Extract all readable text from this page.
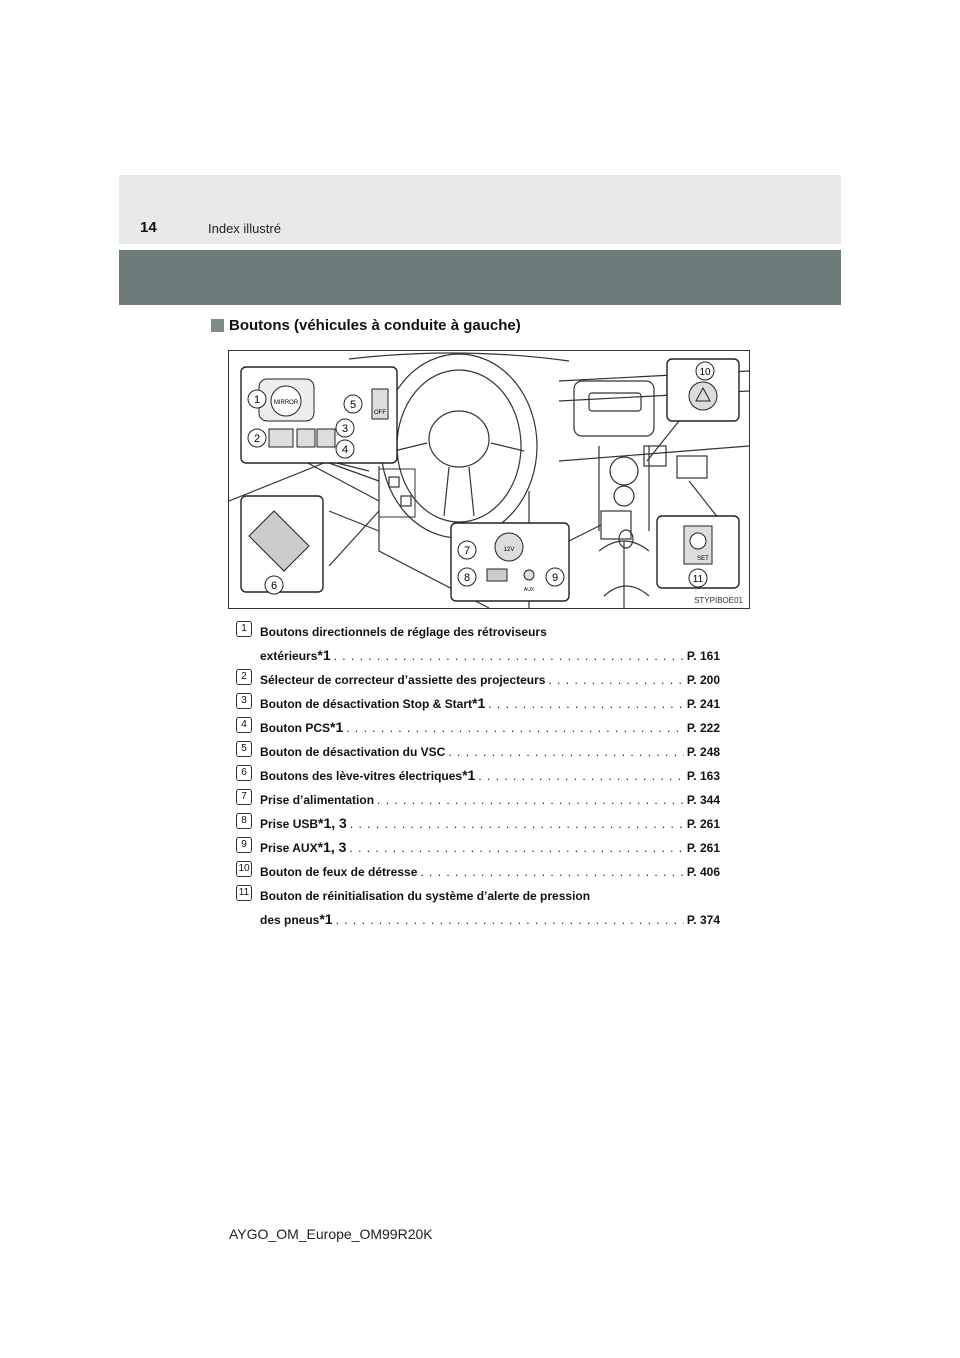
14	Index illustré
Boutons (véhicules à conduite à gauche)
MIRROR
OFF
1
2
3
4
5
6
12V
AUX
7
8	9
10
SET
11
STYPIBOE01
1	Boutons directionnels de réglage des rétroviseurs
extérieurs *1 . . .	P. 161
2	Sélecteur de correcteur d’assiette des projecteurs . . .	P. 200
3	Bouton de désactivation Stop & Start *1 . . .	P. 241
4	Bouton PCS *1 . . .	P. 222
5	Bouton de désactivation du VSC . . .	P. 248
6	Boutons des lève-vitres électriques *1 . . .	P. 163
7	Prise d’alimentation . . .	P. 344
8	Prise USB *1, 3 . . .	P. 261
9	Prise AUX *1, 3 . . .	P. 261
10 Bouton de feux de détresse . . .	P. 406
11 Bouton de réinitialisation du système d’alerte de pression
des pneus *1 . . .	P. 374
AYGO_OM_Europe_OM99R20K
